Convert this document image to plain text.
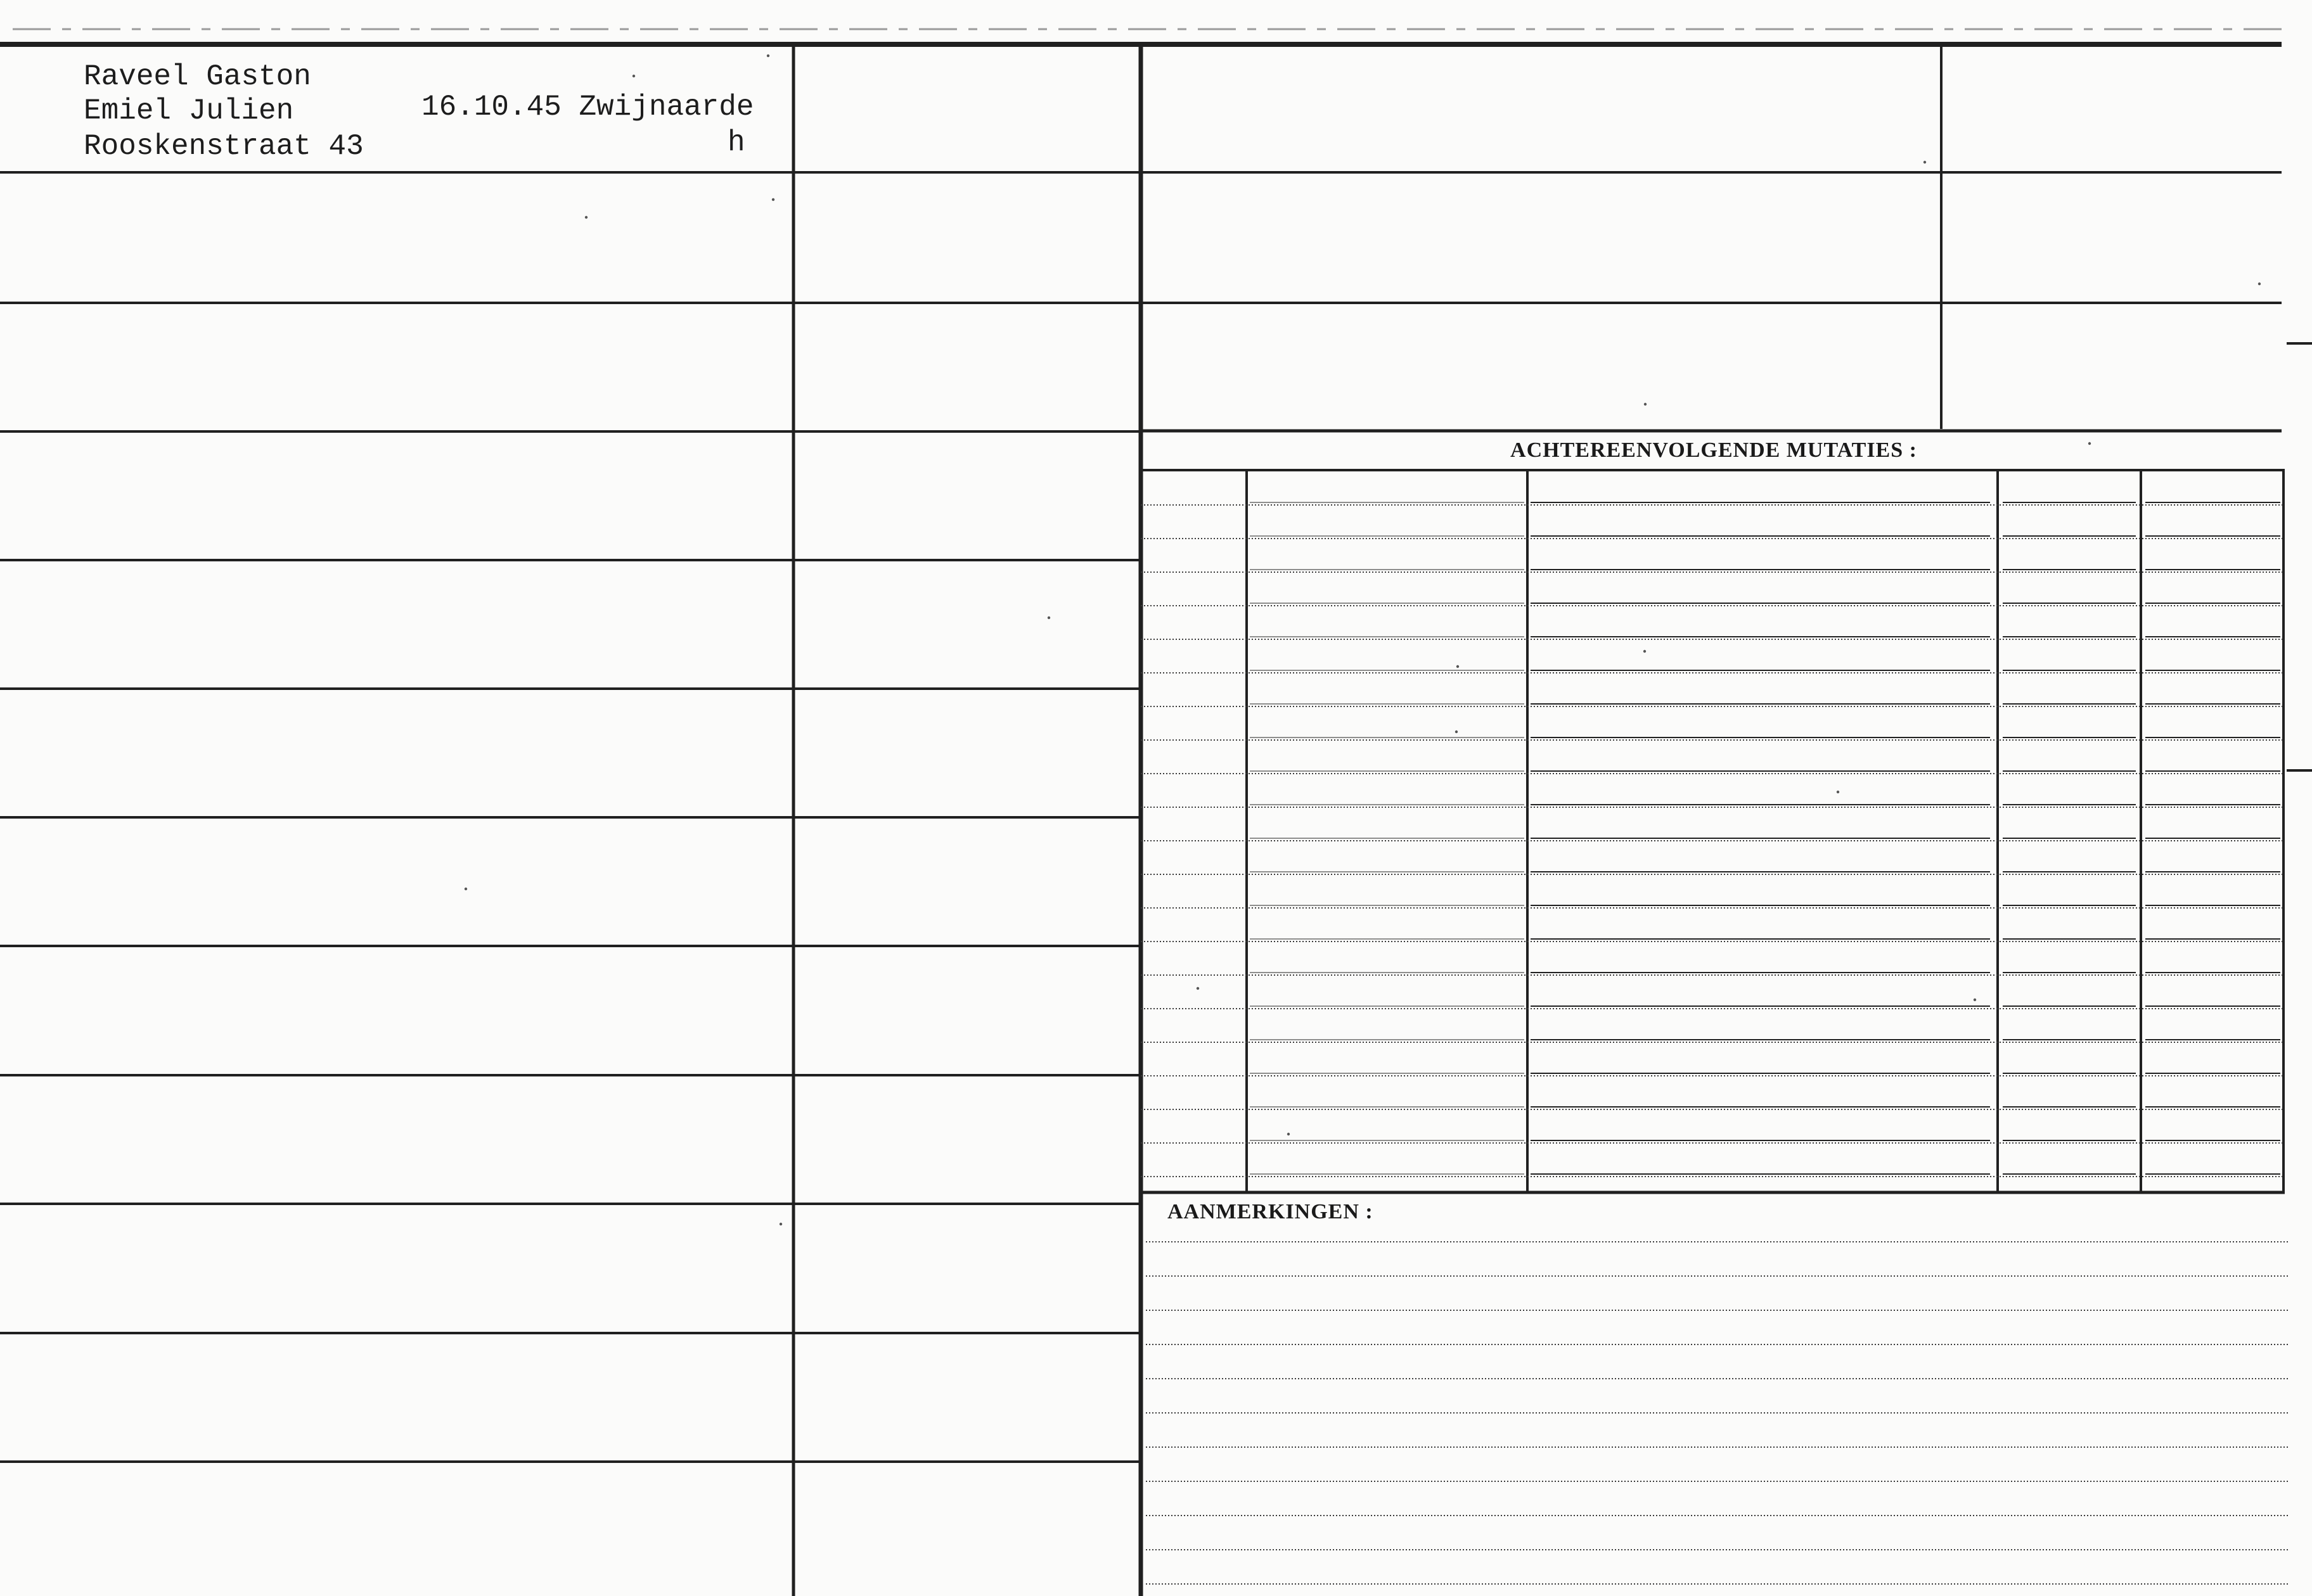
Raveel Gaston
Emiel Julien
Rooskenstraat 43
16.10.45 Zwijnaarde
h
ACHTEREENVOLGENDE MUTATIES :
AANMERKINGEN :
